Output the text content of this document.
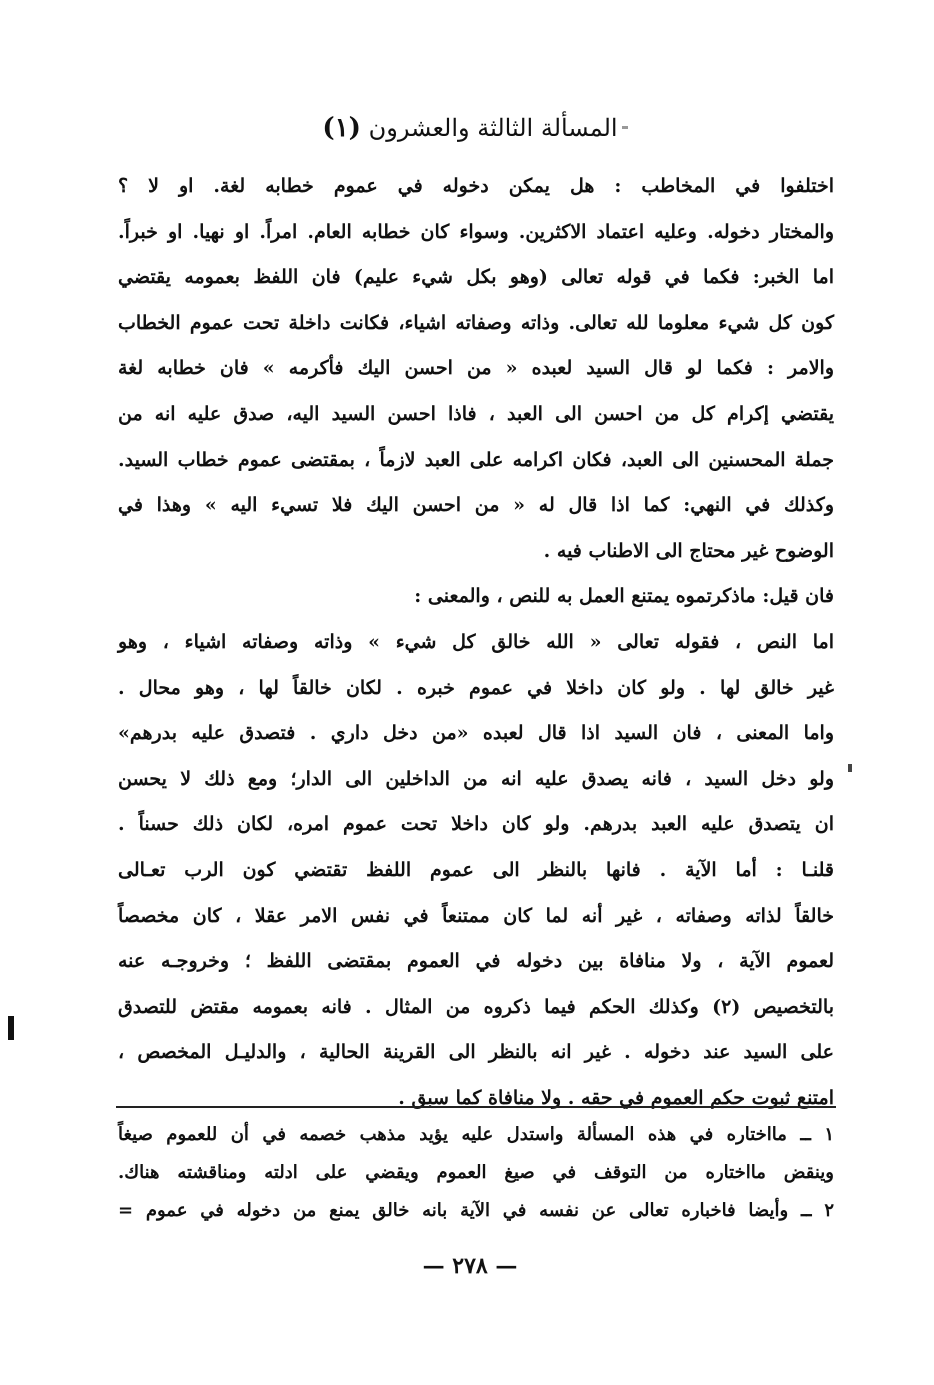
المسألة الثالثة والعشرون (١)
اختلفوا في المخاطب : هل يمكن دخوله في عموم خطابه لغة. او لا ؟
والمختار دخوله. وعليه اعتماد الاكثرين. وسواء كان خطابه العام. امراً. او نهيا. او خبراً.
اما الخبر: فكما في قوله تعالى (وهو بكل شيء عليم) فان اللفظ بعمومه يقتضي
كون كل شيء معلوما لله تعالى. وذاته وصفاته اشياء، فكانت داخلة تحت عموم الخطاب
والامر : فكما لو قال السيد لعبده « من احسن اليك فأكرمه » فان خطابه لغة
يقتضي إكرام كل من احسن الى العبد ، فاذا احسن السيد اليه، صدق عليه انه من
جملة المحسنين الى العبد، فكان اكرامه على العبد لازماً ، بمقتضى عموم خطاب السيد.
وكذلك في النهي: كما اذا قال له « من احسن اليك فلا تسيء اليه » وهذا في
الوضوح غير محتاج الى الاطناب فيه .
فان قيل: ماذكرتموه يمتنع العمل به للنص ، والمعنى :
اما النص ، فقوله تعالى « الله خالق كل شيء » وذاته وصفاته اشياء ، وهو
غير خالق لها . ولو كان داخلا في عموم خبره . لكان خالقاً لها ، وهو محال .
واما المعنى ، فان السيد اذا قال لعبده «من دخل داري . فتصدق عليه بدرهم»
ولو دخل السيد ، فانه يصدق عليه انه من الداخلين الى الدار؛ ومع ذلك لا يحسن
ان يتصدق عليه العبد بدرهم. ولو كان داخلا تحت عموم امره، لكان ذلك حسناً .
قلنـا : أما الآية . فانها بالنظر الى عموم اللفظ تقتضي كون الرب تعـالى
خالقاً لذاته وصفاته ، غير أنه لما كان ممتنعاً في نفس الامر عقلا ، كان مخصصاً
لعموم الآية ، ولا منافاة بين دخوله في العموم بمقتضى اللفظ ؛ وخروجـه عنه
بالتخصيص (٢) وكذلك الحكم فيما ذكروه من المثال . فانه بعمومه مقتض للتصدق
على السيد عند دخوله . غير انه بالنظر الى القرينة الحالية ، والدليـل المخصص ،
امتنع ثبوت حكم العموم في حقه . ولا منافاة كما سبق .
١ ــ مااختاره في هذه المسألة واستدل عليه يؤيد مذهب خصمه في أن للعموم صيغاً
وينقض مااختاره من التوقف في صيغ العموم ويقضي على ادلته ومناقشته هناك.
٢ ــ وأيضا فاخباره تعالى عن نفسه في الآية بانه خالق يمنع من دخوله في عموم =
— ٢٧٨ —
